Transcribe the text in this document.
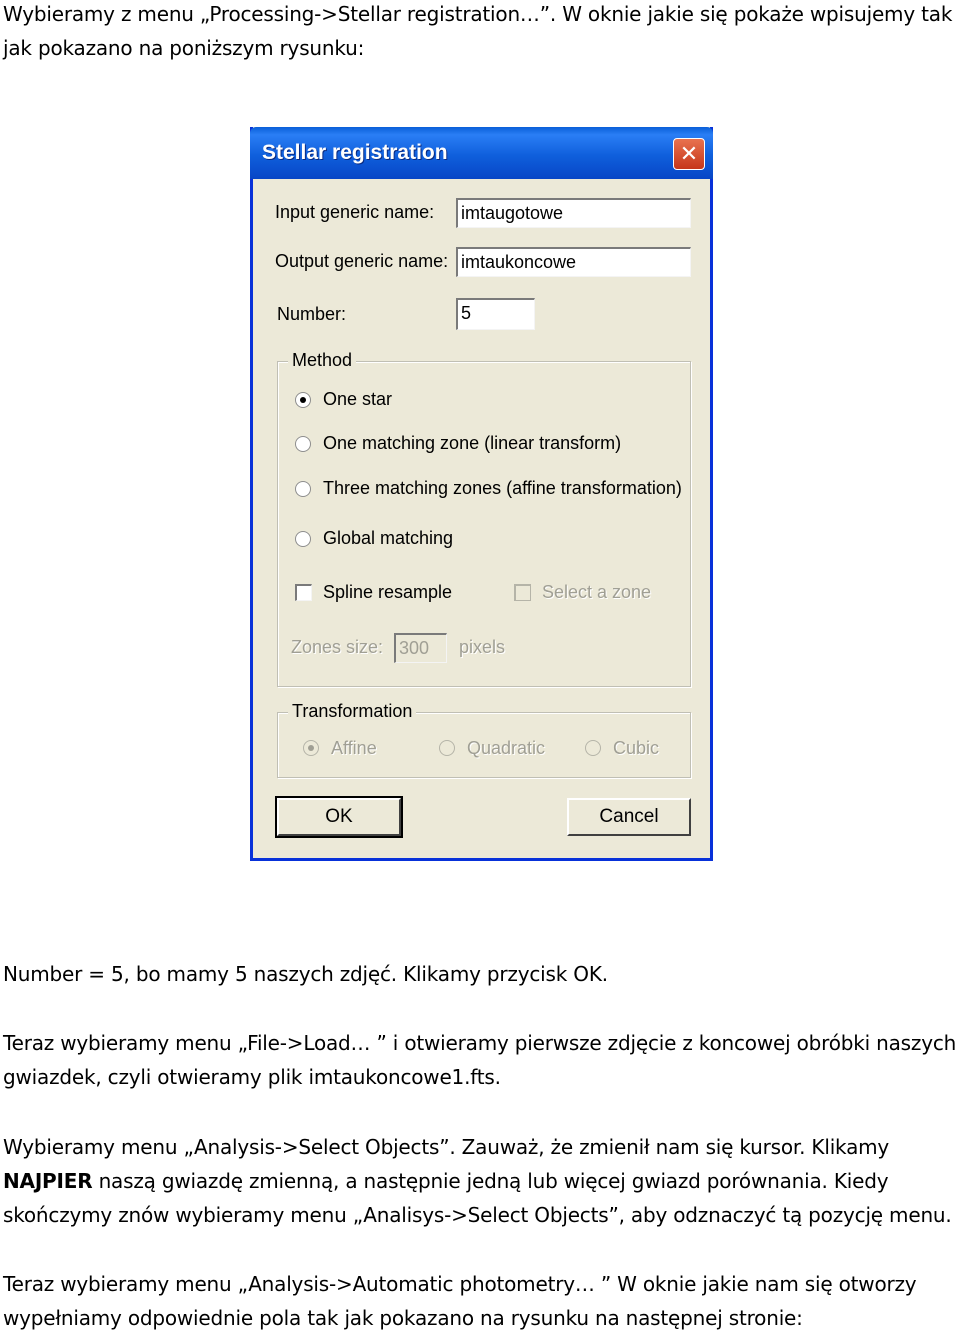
Wybieramy z menu „Processing->Stellar registration…”. W oknie jakie się pokaże wpisujemy tak jak pokazano na poniższym rysunku:

Stellar registration	✕
Input generic name: imtaugotowe
Output generic name: imtaukoncowe
Number:	5
Method
One star
One matching zone (linear transform)
Three matching zones (affine transformation)
Global matching
Spline resample	Select a zone
Zones size: 300	pixels
Transformation
Affine	Quadratic	Cubic
OK	Cancel

Number = 5, bo mamy 5 naszych zdjęć. Klikamy przycisk OK.

Teraz wybieramy menu „File->Load… ” i otwieramy pierwsze zdjęcie z koncowej obróbki naszych gwiazdek, czyli otwieramy plik imtaukoncowe1.fts.

Wybieramy menu „Analysis->Select Objects”. Zauważ, że zmienił nam się kursor. Klikamy NAJPIER naszą gwiazdę zmienną, a następnie jedną lub więcej gwiazd porównania. Kiedy skończymy znów wybieramy menu „Analisys->Select Objects”, aby odznaczyć tą pozycję menu.

Teraz wybieramy menu „Analysis->Automatic photometry… ” W oknie jakie nam się otworzy wypełniamy odpowiednie pola tak jak pokazano na rysunku na następnej stronie:
